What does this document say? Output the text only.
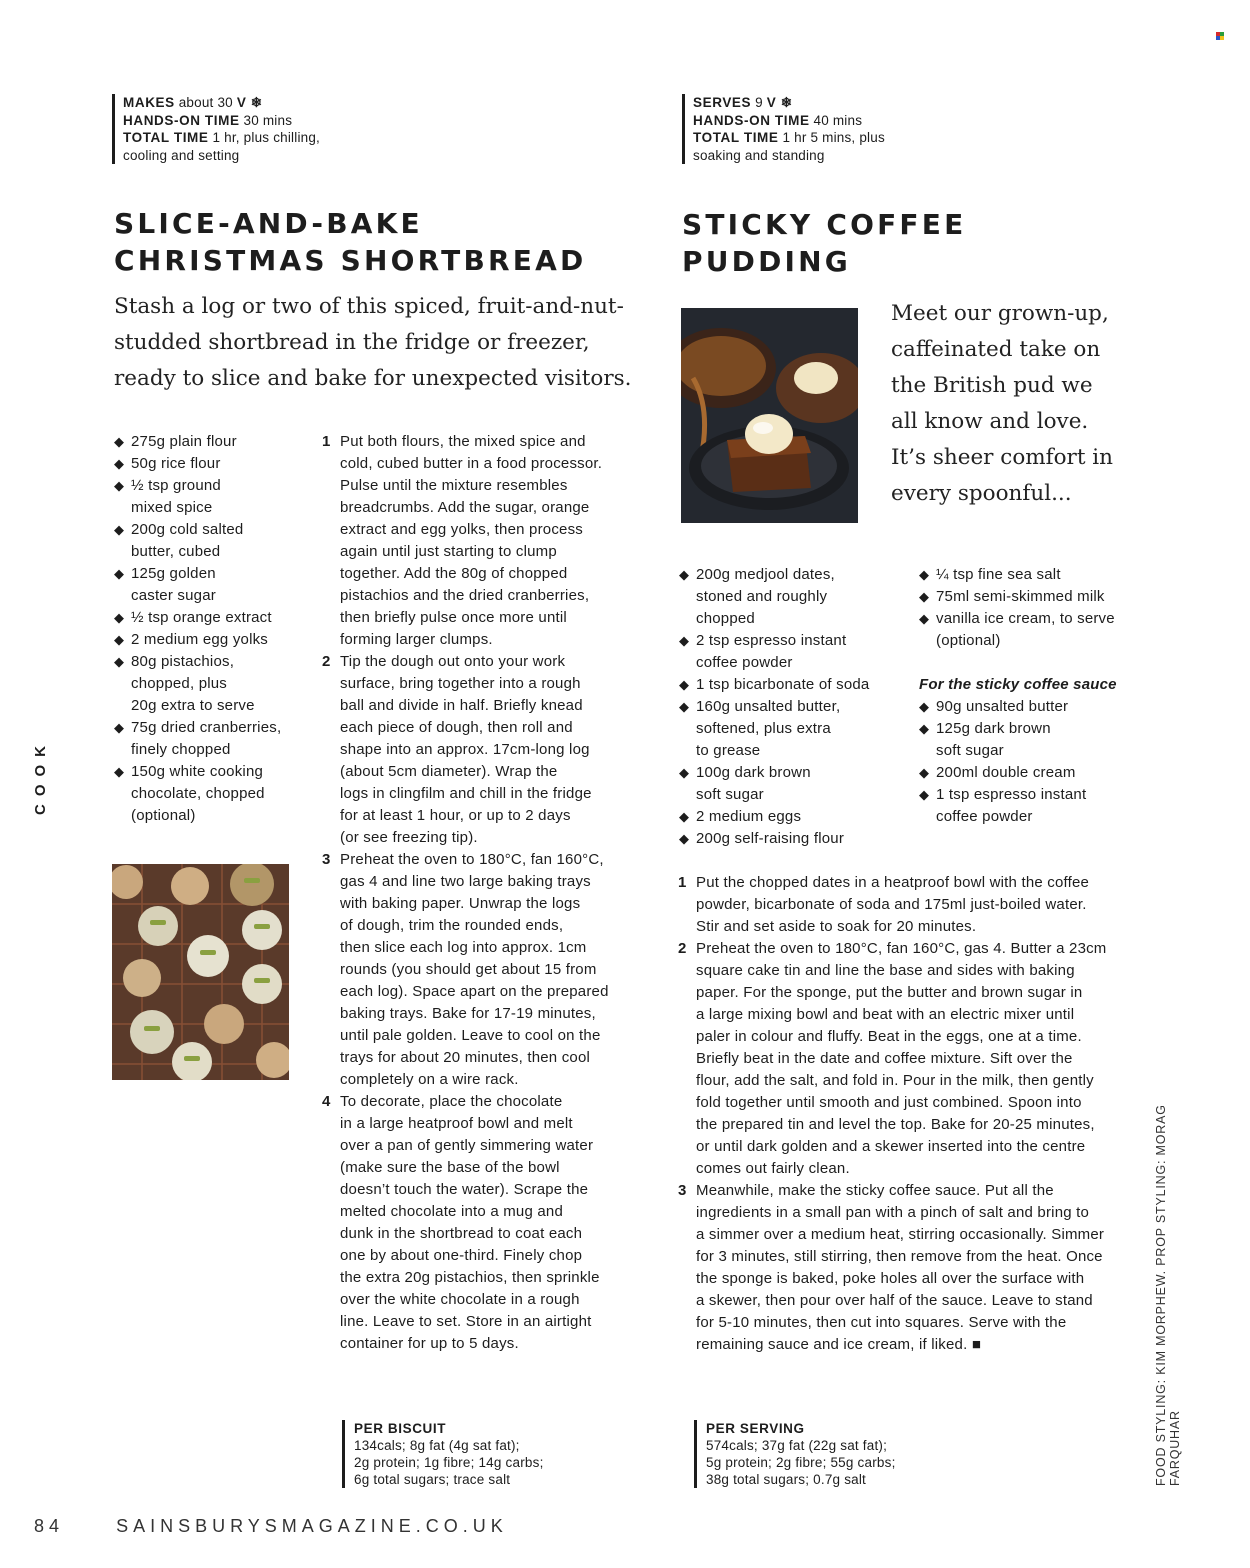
MAKES about 30 V ❄
HANDS-ON TIME 30 mins
TOTAL TIME 1 hr, plus chilling,
cooling and setting
SLICE-AND-BAKE
CHRISTMAS SHORTBREAD
Stash a log or two of this spiced, fruit-and-nut-
studded shortbread in the fridge or freezer,
ready to slice and bake for unexpected visitors.
◆ 275g plain flour
◆ 50g rice flour
◆ ½ tsp ground
mixed spice
◆ 200g cold salted
butter, cubed
◆ 125g golden
caster sugar
◆ ½ tsp orange extract
◆ 2 medium egg yolks
◆ 80g pistachios,
chopped, plus
20g extra to serve
◆ 75g dried cranberries,
finely chopped
◆ 150g white cooking
chocolate, chopped
(optional)
1 Put both flours, the mixed spice and
cold, cubed butter in a food processor.
Pulse until the mixture resembles
breadcrumbs. Add the sugar, orange
extract and egg yolks, then process
again until just starting to clump
together. Add the 80g of chopped
pistachios and the dried cranberries,
then briefly pulse once more until
forming larger clumps.
2 Tip the dough out onto your work
surface, bring together into a rough
ball and divide in half. Briefly knead
each piece of dough, then roll and
shape into an approx. 17cm-long log
(about 5cm diameter). Wrap the
logs in clingfilm and chill in the fridge
for at least 1 hour, or up to 2 days
(or see freezing tip).
3 Preheat the oven to 180°C, fan 160°C,
gas 4 and line two large baking trays
with baking paper. Unwrap the logs
of dough, trim the rounded ends,
then slice each log into approx. 1cm
rounds (you should get about 15 from
each log). Space apart on the prepared
baking trays. Bake for 17-19 minutes,
until pale golden. Leave to cool on the
trays for about 20 minutes, then cool
completely on a wire rack.
4 To decorate, place the chocolate
in a large heatproof bowl and melt
over a pan of gently simmering water
(make sure the base of the bowl
doesn’t touch the water). Scrape the
melted chocolate into a mug and
dunk in the shortbread to coat each
one by about one-third. Finely chop
the extra 20g pistachios, then sprinkle
over the white chocolate in a rough
line. Leave to set. Store in an airtight
container for up to 5 days.
PER BISCUIT
134cals; 8g fat (4g sat fat);
2g protein; 1g fibre; 14g carbs;
6g total sugars; trace salt
SERVES 9 V ❄
HANDS-ON TIME 40 mins
TOTAL TIME 1 hr 5 mins, plus
soaking and standing
STICKY COFFEE
PUDDING
Meet our grown-up,
caffeinated take on
the British pud we
all know and love.
It’s sheer comfort in
every spoonful...
◆ 200g medjool dates,
stoned and roughly
chopped
◆ 2 tsp espresso instant
coffee powder
◆ 1 tsp bicarbonate of soda
◆ 160g unsalted butter,
softened, plus extra
to grease
◆ 100g dark brown
soft sugar
◆ 2 medium eggs
◆ 200g self-raising flour
◆ ¼ tsp fine sea salt
◆ 75ml semi-skimmed milk
◆ vanilla ice cream, to serve
(optional)
For the sticky coffee sauce
◆ 90g unsalted butter
◆ 125g dark brown
soft sugar
◆ 200ml double cream
◆ 1 tsp espresso instant
coffee powder
1 Put the chopped dates in a heatproof bowl with the coffee
powder, bicarbonate of soda and 175ml just-boiled water.
Stir and set aside to soak for 20 minutes.
2 Preheat the oven to 180°C, fan 160°C, gas 4. Butter a 23cm
square cake tin and line the base and sides with baking
paper. For the sponge, put the butter and brown sugar in
a large mixing bowl and beat with an electric mixer until
paler in colour and fluffy. Beat in the eggs, one at a time.
Briefly beat in the date and coffee mixture. Sift over the
flour, add the salt, and fold in. Pour in the milk, then gently
fold together until smooth and just combined. Spoon into
the prepared tin and level the top. Bake for 20-25 minutes,
or until dark golden and a skewer inserted into the centre
comes out fairly clean.
3 Meanwhile, make the sticky coffee sauce. Put all the
ingredients in a small pan with a pinch of salt and bring to
a simmer over a medium heat, stirring occasionally. Simmer
for 3 minutes, still stirring, then remove from the heat. Once
the sponge is baked, poke holes all over the surface with
a skewer, then pour over half of the sauce. Leave to stand
for 5-10 minutes, then cut into squares. Serve with the
remaining sauce and ice cream, if liked. ■
PER SERVING
574cals; 37g fat (22g sat fat);
5g protein; 2g fibre; 55g carbs;
38g total sugars; 0.7g salt
COOK
FOOD STYLING: KIM MORPHEW. PROP STYLING: MORAG FARQUHAR
84	SAINSBURYSMAGAZINE.CO.UK
